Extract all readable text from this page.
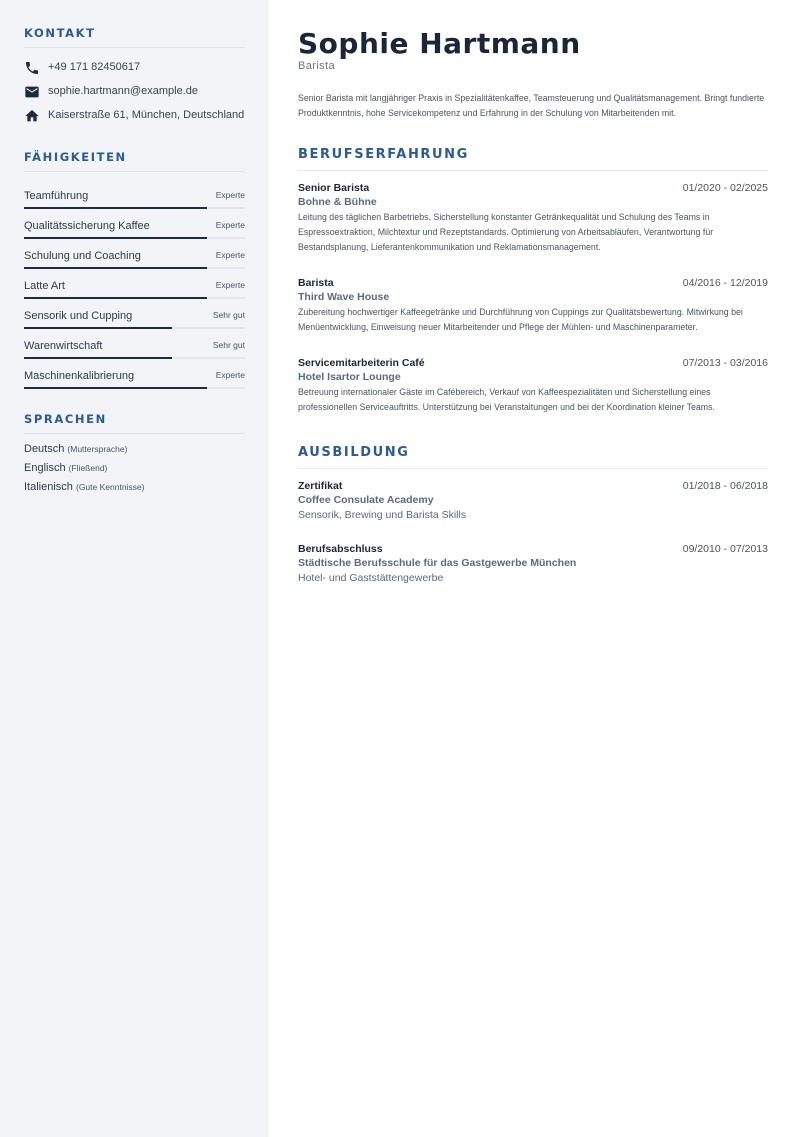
KONTAKT
+49 171 82450617
sophie.hartmann@example.de
Kaiserstraße 61, München, Deutschland
FÄHIGKEITEN
Teamführung	Experte
Qualitätssicherung Kaffee	Experte
Schulung und Coaching	Experte
Latte Art	Experte
Sensorik und Cupping	Sehr gut
Warenwirtschaft	Sehr gut
Maschinenkalibrierung	Experte
SPRACHEN
Deutsch (Muttersprache)
Englisch (Fließend)
Italienisch (Gute Kenntnisse)
Sophie Hartmann
Barista
Senior Barista mit langjähriger Praxis in Spezialitätenkaffee, Teamsteuerung und Qualitätsmanagement. Bringt fundierte Produktkenntnis, hohe Servicekompetenz und Erfahrung in der Schulung von Mitarbeitenden mit.
BERUFSERFAHRUNG
Senior Barista	01/2020 - 02/2025
Bohne & Bühne
Leitung des täglichen Barbetriebs, Sicherstellung konstanter Getränkequalität und Schulung des Teams in Espressoextraktion, Milchtextur und Rezeptstandards. Optimierung von Arbeitsabläufen, Verantwortung für Bestandsplanung, Lieferantenkommunikation und Reklamationsmanagement.
Barista	04/2016 - 12/2019
Third Wave House
Zubereitung hochwertiger Kaffeegetränke und Durchführung von Cuppings zur Qualitätsbewertung. Mitwirkung bei Menüentwicklung, Einweisung neuer Mitarbeitender und Pflege der Mühlen- und Maschinenparameter.
Servicemitarbeiterin Café	07/2013 - 03/2016
Hotel Isartor Lounge
Betreuung internationaler Gäste im Cafébereich, Verkauf von Kaffeespezialitäten und Sicherstellung eines professionellen Serviceauftritts. Unterstützung bei Veranstaltungen und bei der Koordination kleiner Teams.
AUSBILDUNG
Zertifikat	01/2018 - 06/2018
Coffee Consulate Academy
Sensorik, Brewing und Barista Skills
Berufsabschluss	09/2010 - 07/2013
Städtische Berufsschule für das Gastgewerbe München
Hotel- und Gaststättengewerbe
